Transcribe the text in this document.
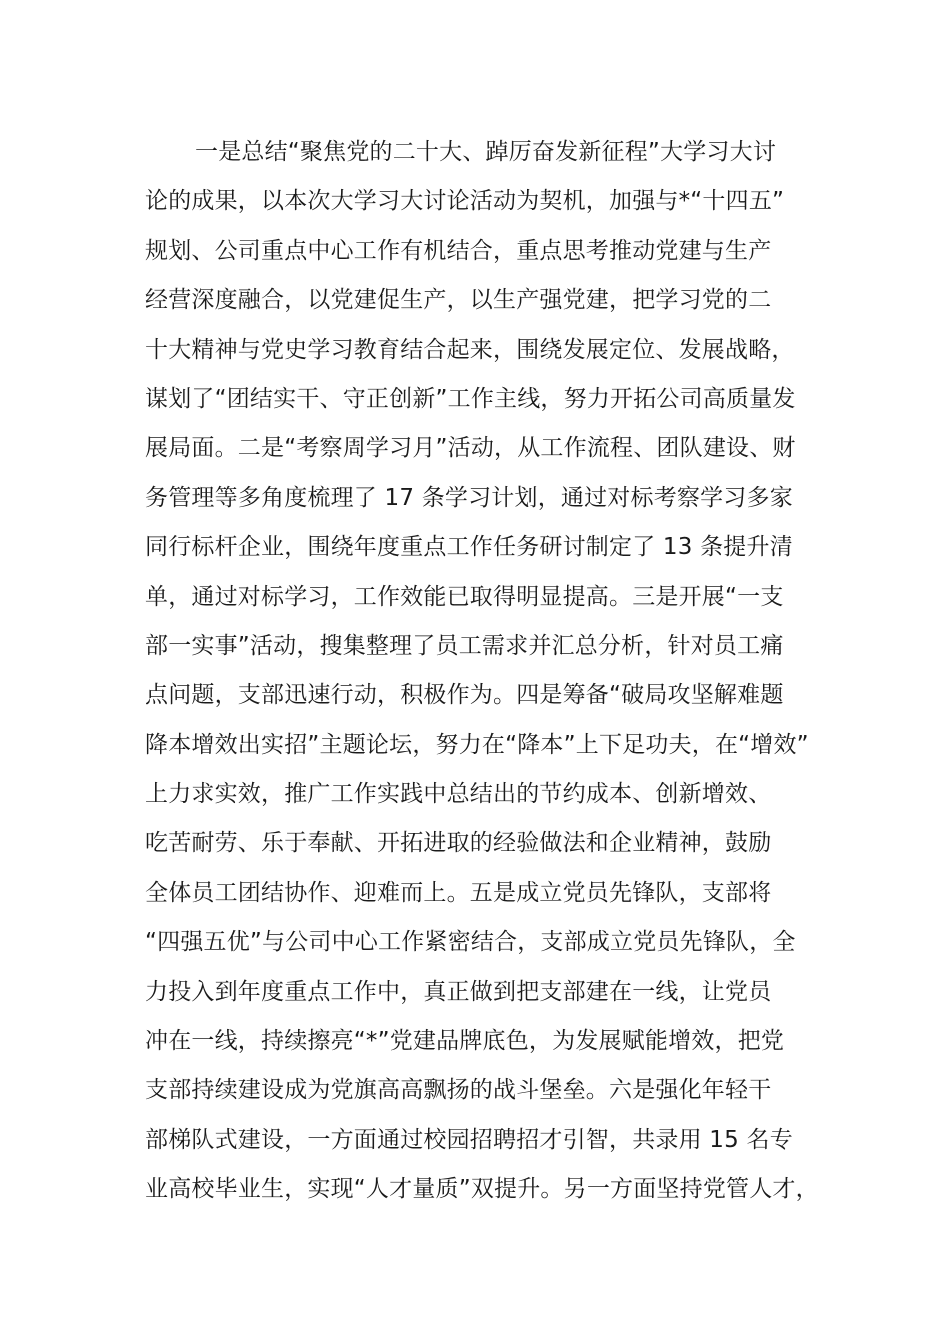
一是总结“聚焦党的二十大、踔厉奋发新征程”大学习大讨
论的成果，以本次大学习大讨论活动为契机，加强与*“十四五”
规划、公司重点中心工作有机结合，重点思考推动党建与生产
经营深度融合，以党建促生产，以生产强党建，把学习党的二
十大精神与党史学习教育结合起来，围绕发展定位、发展战略，
谋划了“团结实干、守正创新”工作主线，努力开拓公司高质量发
展局面。二是“考察周学习月”活动，从工作流程、团队建设、财
务管理等多角度梳理了 17 条学习计划，通过对标考察学习多家
同行标杆企业，围绕年度重点工作任务研讨制定了 13 条提升清
单，通过对标学习，工作效能已取得明显提高。三是开展“一支
部一实事”活动，搜集整理了员工需求并汇总分析，针对员工痛
点问题，支部迅速行动，积极作为。四是筹备“破局攻坚解难题
降本增效出实招”主题论坛，努力在“降本”上下足功夫，在“增效”
上力求实效，推广工作实践中总结出的节约成本、创新增效、
吃苦耐劳、乐于奉献、开拓进取的经验做法和企业精神，鼓励
全体员工团结协作、迎难而上。五是成立党员先锋队，支部将
“四强五优”与公司中心工作紧密结合，支部成立党员先锋队，全
力投入到年度重点工作中，真正做到把支部建在一线，让党员
冲在一线，持续擦亮“*”党建品牌底色，为发展赋能增效，把党
支部持续建设成为党旗高高飘扬的战斗堡垒。六是强化年轻干
部梯队式建设，一方面通过校园招聘招才引智，共录用 15 名专
业高校毕业生，实现“人才量质”双提升。另一方面坚持党管人才，
